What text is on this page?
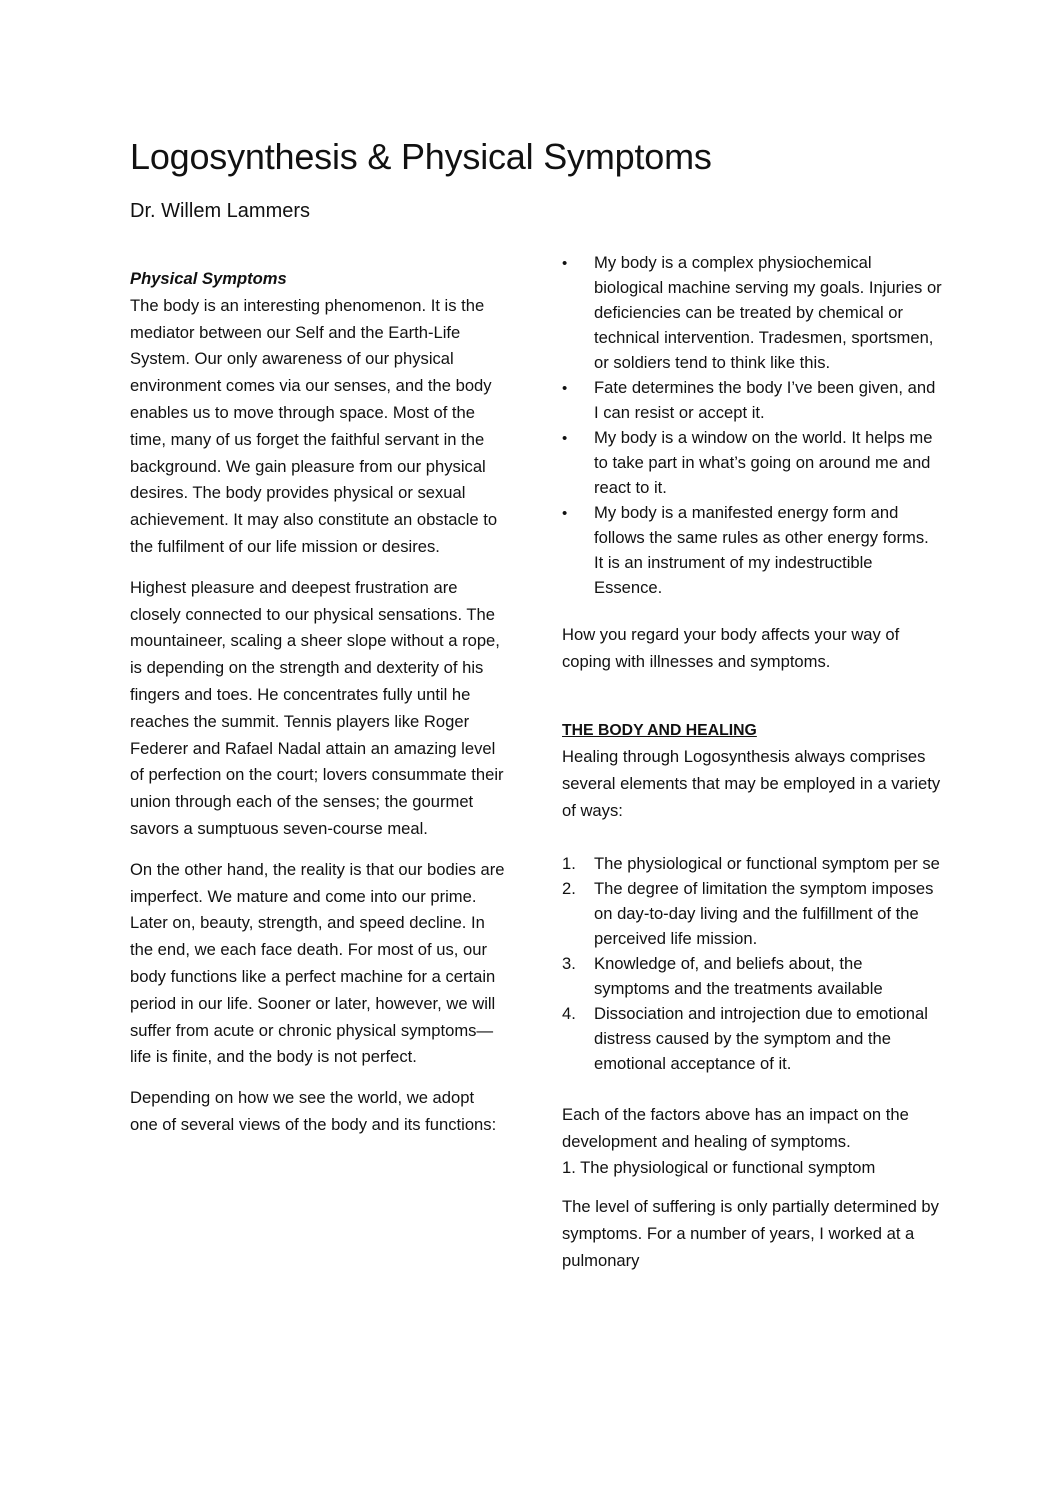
Logosynthesis & Physical Symptoms

Dr. Willem Lammers

Physical Symptoms

The body is an interesting phenomenon. It is the mediator between our Self and the Earth-Life System. Our only awareness of our physical environment comes via our senses, and the body enables us to move through space. Most of the time, many of us forget the faithful servant in the background. We gain pleasure from our physical desires. The body provides physical or sexual achievement. It may also constitute an obstacle to the fulfilment of our life mission or desires.

Highest pleasure and deepest frustration are closely connected to our physical sensations. The mountaineer, scaling a sheer slope without a rope, is depending on the strength and dexterity of his fingers and toes. He concentrates fully until he reaches the summit. Tennis players like Roger Federer and Rafael Nadal attain an amazing level of perfection on the court; lovers consummate their union through each of the senses; the gourmet savors a sumptuous seven-course meal.

On the other hand, the reality is that our bodies are imperfect. We mature and come into our prime. Later on, beauty, strength, and speed decline. In the end, we each face death. For most of us, our body functions like a perfect machine for a certain period in our life. Sooner or later, however, we will suffer from acute or chronic physical symptoms—life is finite, and the body is not perfect.

Depending on how we see the world, we adopt one of several views of the body and its functions:

•
My body is a complex physiochemical biological machine serving my goals. Injuries or deficiencies can be treated by chemical or technical intervention. Tradesmen, sportsmen, or soldiers tend to think like this.
•
Fate determines the body I’ve been given, and I can resist or accept it.
•
My body is a window on the world. It helps me to take part in what’s going on around me and react to it.
•
My body is a manifested energy form and follows the same rules as other energy forms. It is an instrument of my indestructible Essence.

How you regard your body affects your way of coping with illnesses and symptoms.

THE BODY AND HEALING

Healing through Logosynthesis always comprises several elements that may be employed in a variety of ways:

1.	The physiological or functional symptom per se
2.	The degree of limitation the symptom imposes on day-to-day living and the fulfillment of the perceived life mission.
3.	Knowledge of, and beliefs about, the symptoms and the treatments available
4.	Dissociation and introjection due to emotional distress caused by the symptom and the emotional acceptance of it.

Each of the factors above has an impact on the development and healing of symptoms.

1. The physiological or functional symptom

The level of suffering is only partially determined by symptoms. For a number of years, I worked at a pulmonary
